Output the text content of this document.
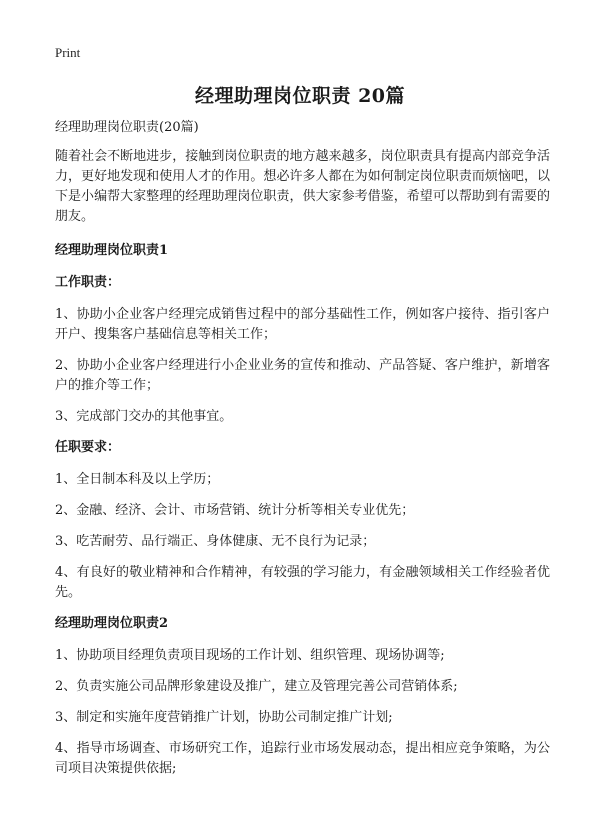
Print
经理助理岗位职责 20篇

经理助理岗位职责(20篇)

随着社会不断地进步，接触到岗位职责的地方越来越多，岗位职责具有提高内部竞争活力，更好地发现和使用人才的作用。想必许多人都在为如何制定岗位职责而烦恼吧，以下是小编帮大家整理的经理助理岗位职责，供大家参考借鉴，希望可以帮助到有需要的朋友。

经理助理岗位职责1
工作职责：

1、协助小企业客户经理完成销售过程中的部分基础性工作，例如客户接待、指引客户开户、搜集客户基础信息等相关工作；

2、协助小企业客户经理进行小企业业务的宣传和推动、产品答疑、客户维护，新增客户的推介等工作；

3、完成部门交办的其他事宜。

任职要求：

1、全日制本科及以上学历；

2、金融、经济、会计、市场营销、统计分析等相关专业优先；

3、吃苦耐劳、品行端正、身体健康、无不良行为记录；

4、有良好的敬业精神和合作精神，有较强的学习能力，有金融领域相关工作经验者优先。

经理助理岗位职责2

1、协助项目经理负责项目现场的工作计划、组织管理、现场协调等;

2、负责实施公司品牌形象建设及推广，建立及管理完善公司营销体系;

3、制定和实施年度营销推广计划，协助公司制定推广计划;

4、指导市场调查、市场研究工作，追踪行业市场发展动态，提出相应竞争策略，为公司项目决策提供依据;
